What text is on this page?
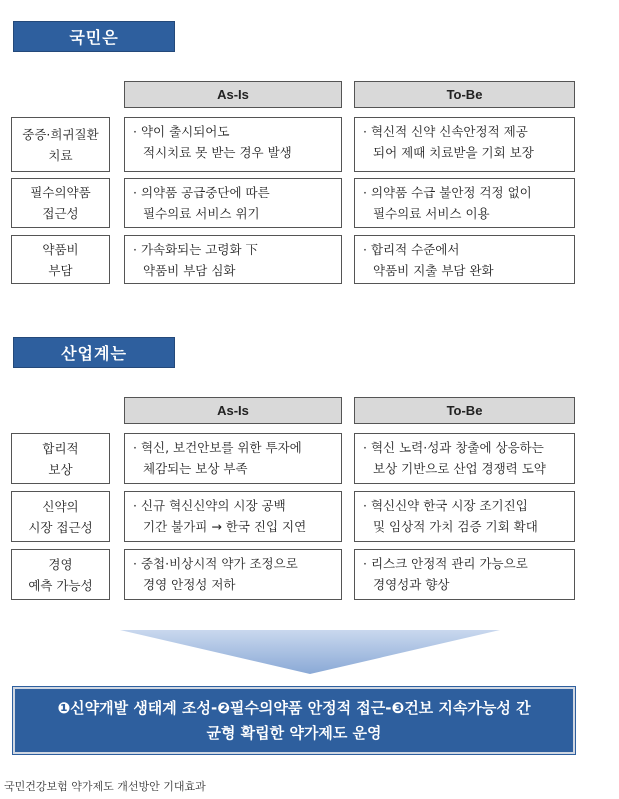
국민은
As-Is	To-Be
중증·희귀질환
치료
· 약이 출시되어도
적시치료 못 받는 경우 발생
· 혁신적 신약 신속안정적 제공
되어 제때 치료받을 기회 보장
필수의약품
접근성
· 의약품 공급중단에 따른
필수의료 서비스 위기
· 의약품 수급 불안정 걱정 없이
필수의료 서비스 이용
약품비
부담
· 가속화되는 고령화 下
약품비 부담 심화
· 합리적 수준에서
약품비 지출 부담 완화
산업계는
As-Is	To-Be
합리적
보상
· 혁신, 보건안보를 위한 투자에
체감되는 보상 부족
· 혁신 노력·성과 창출에 상응하는
보상 기반으로 산업 경쟁력 도약
신약의
시장 접근성
· 신규 혁신신약의 시장 공백
기간 불가피 → 한국 진입 지연
· 혁신신약 한국 시장 조기진입
및 임상적 가치 검증 기회 확대
경영
예측 가능성
· 중첩·비상시적 약가 조정으로
경영 안정성 저하
· 리스크 안정적 관리 가능으로
경영성과 향상
❶신약개발 생태계 조성-❷필수의약품 안정적 접근-❸건보 지속가능성 간
균형 확립한 약가제도 운영
국민건강보험 약가제도 개선방안 기대효과
